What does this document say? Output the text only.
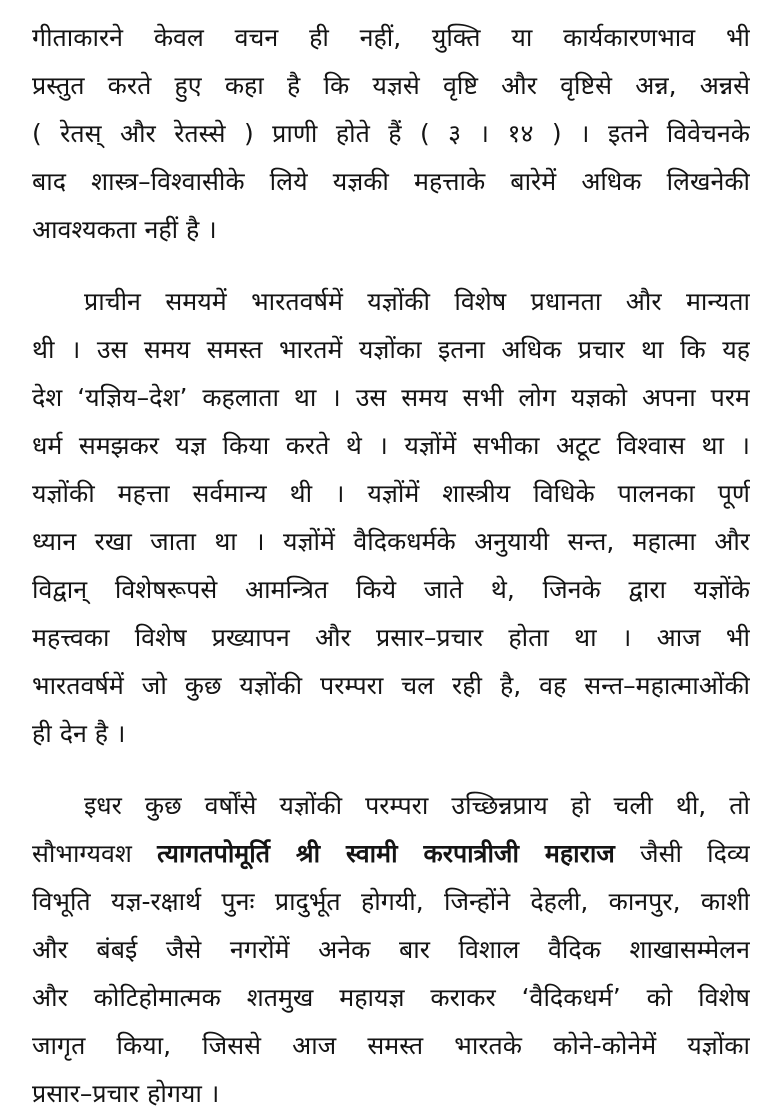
गीताकारने केवल वचन ही नहीं, युक्ति या कार्यकारणभाव भी
प्रस्तुत करते हुए कहा है कि यज्ञसे वृष्टि और वृष्टिसे अन्न, अन्नसे
( रेतस् और रेतस्से ) प्राणी होते हैं ( ३ । १४ ) । इतने विवेचनके
बाद शास्त्र–विश्वासीके लिये यज्ञकी महत्ताके बारेमें अधिक लिखनेकी
आवश्यकता नहीं है ।
प्राचीन समयमें भारतवर्षमें यज्ञोंकी विशेष प्रधानता और मान्यता
थी । उस समय समस्त भारतमें यज्ञोंका इतना अधिक प्रचार था कि यह
देश ‘यज्ञिय–देश’ कहलाता था । उस समय सभी लोग यज्ञको अपना परम
धर्म समझकर यज्ञ किया करते थे । यज्ञोंमें सभीका अटूट विश्वास था ।
यज्ञोंकी महत्ता सर्वमान्य थी । यज्ञोंमें शास्त्रीय विधिके पालनका पूर्ण
ध्यान रखा जाता था । यज्ञोंमें वैदिकधर्मके अनुयायी सन्त, महात्मा और
विद्वान् विशेषरूपसे आमन्त्रित किये जाते थे, जिनके द्वारा यज्ञोंके
महत्त्वका विशेष प्रख्यापन और प्रसार–प्रचार होता था । आज भी
भारतवर्षमें जो कुछ यज्ञोंकी परम्परा चल रही है, वह सन्त–महात्माओंकी
ही देन है ।
इधर कुछ वर्षोंसे यज्ञोंकी परम्परा उच्छिन्नप्राय हो चली थी, तो
सौभाग्यवश त्यागतपोमूर्ति श्री स्वामी करपात्रीजी महाराज जैसी दिव्य
विभूति यज्ञ-रक्षार्थ पुनः प्रादुर्भूत होगयी, जिन्होंने देहली, कानपुर, काशी
और बंबई जैसे नगरोंमें अनेक बार विशाल वैदिक शाखासम्मेलन
और कोटिहोमात्मक शतमुख महायज्ञ कराकर ‘वैदिकधर्म’ को विशेष
जागृत किया, जिससे आज समस्त भारतके कोने-कोनेमें यज्ञोंका
प्रसार–प्रचार होगया ।
